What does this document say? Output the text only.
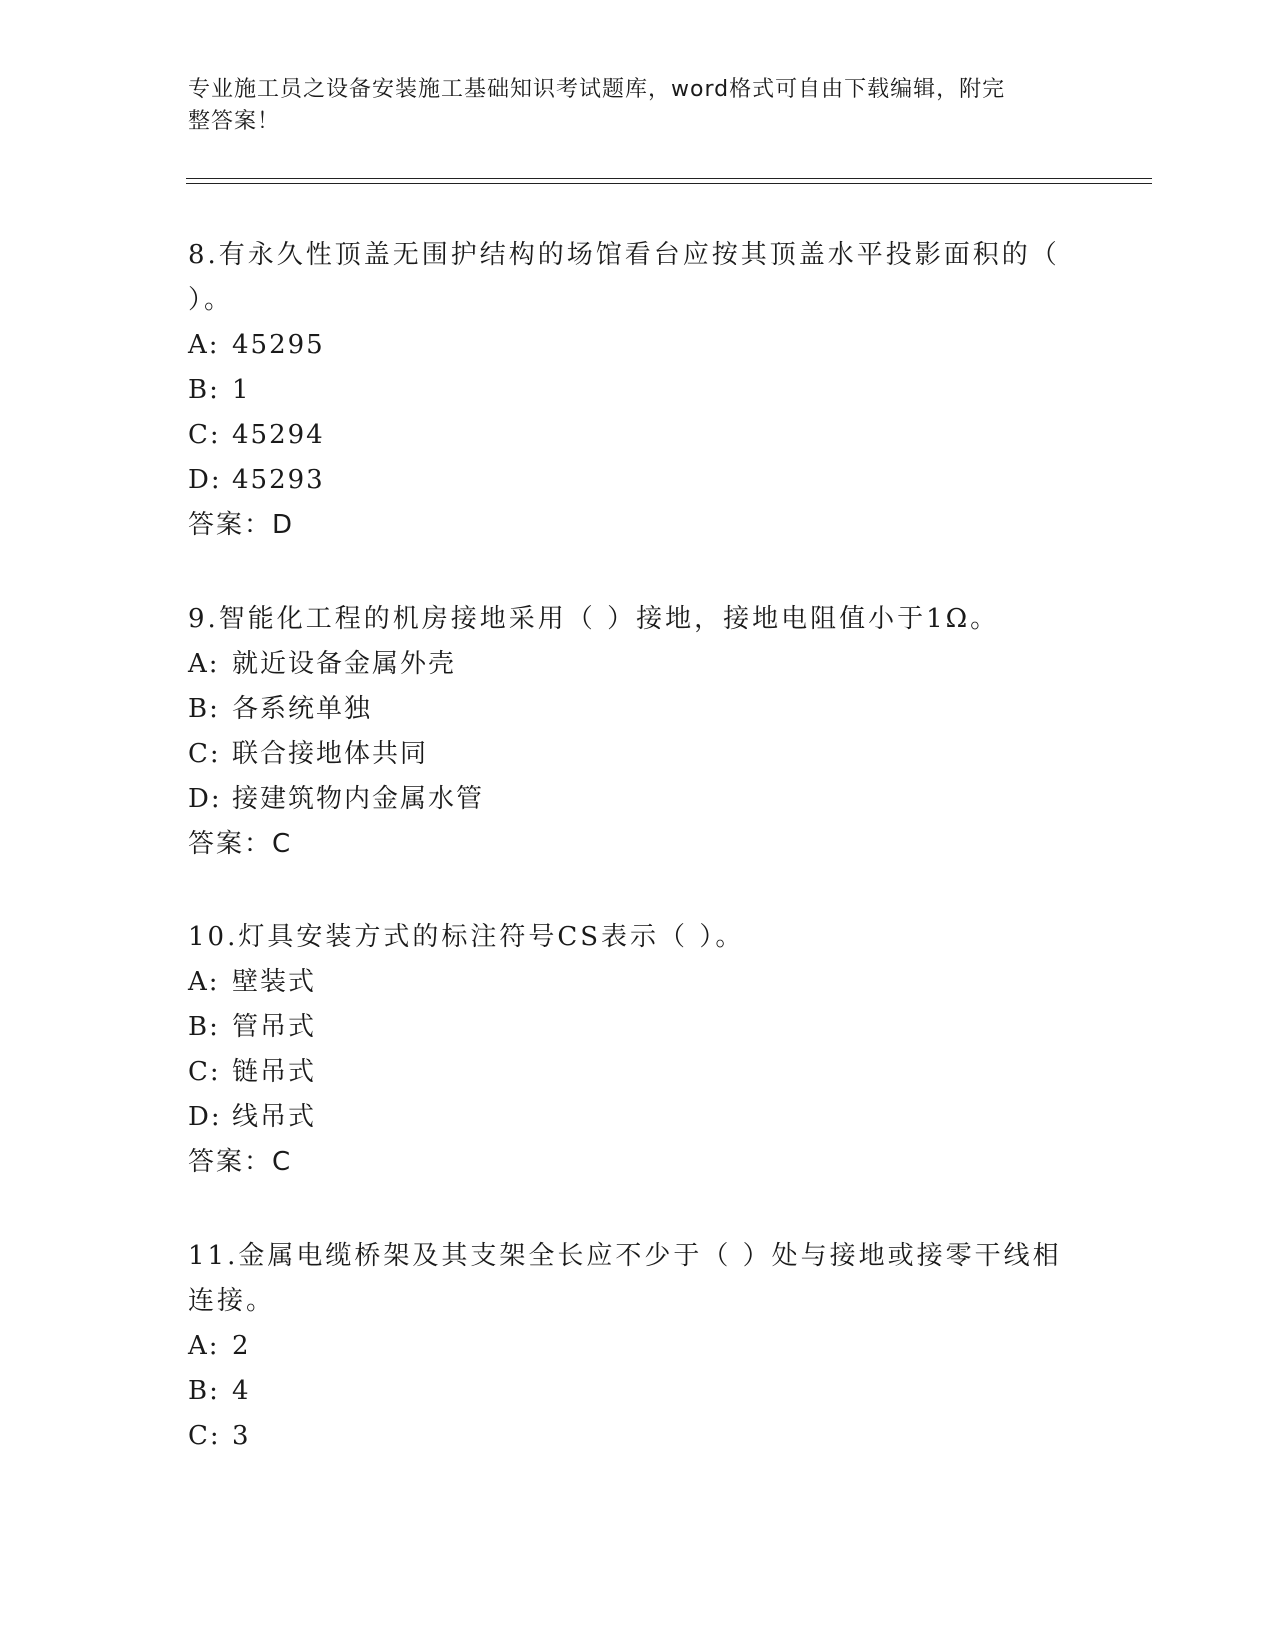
专业施工员之设备安装施工基础知识考试题库，word格式可自由下载编辑，附完
整答案！

8.有永久性顶盖无围护结构的场馆看台应按其顶盖水平投影面积的（
）。

A: 45295

B: 1

C: 45294

D: 45293

答案：D

9.智能化工程的机房接地采用（ ）接地，接地电阻值小于1Ω。

A: 就近设备金属外壳

B: 各系统单独

C: 联合接地体共同

D: 接建筑物内金属水管

答案：C

10.灯具安装方式的标注符号CS表示（ ）。

A: 壁装式

B: 管吊式

C: 链吊式

D: 线吊式

答案：C

11.金属电缆桥架及其支架全长应不少于（ ）处与接地或接零干线相
连接。

A: 2

B: 4

C: 3
